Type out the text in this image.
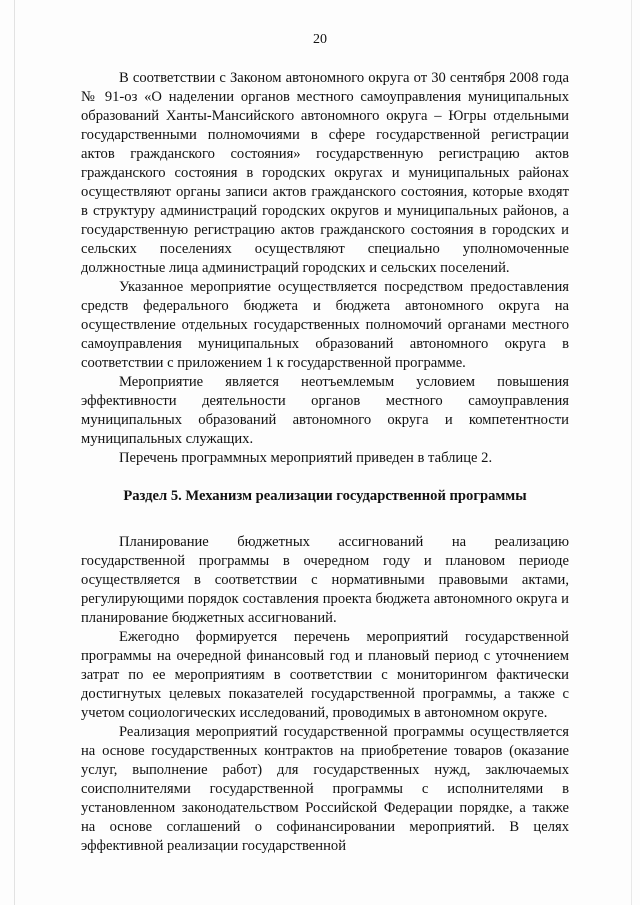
20

В соответствии с Законом автономного округа от 30 сентября 2008 года № 91-оз «О наделении органов местного самоуправления муниципальных образований Ханты-Мансийского автономного округа – Югры отдельными государственными полномочиями в сфере государственной регистрации актов гражданского состояния» государственную регистрацию актов гражданского состояния в городских округах и муниципальных районах осуществляют органы записи актов гражданского состояния, которые входят в структуру администраций городских округов и муниципальных районов, а государственную регистрацию актов гражданского состояния в городских и сельских поселениях осуществляют специально уполномоченные должностные лица администраций городских и сельских поселений.

Указанное мероприятие осуществляется посредством предоставления средств федерального бюджета и бюджета автономного округа на осуществление отдельных государственных полномочий органами местного самоуправления муниципальных образований автономного округа в соответствии с приложением 1 к государственной программе.

Мероприятие является неотъемлемым условием повышения эффективности деятельности органов местного самоуправления муниципальных образований автономного округа и компетентности муниципальных служащих.

Перечень программных мероприятий приведен в таблице 2.

Раздел 5. Механизм реализации государственной программы

Планирование бюджетных ассигнований на реализацию государственной программы в очередном году и плановом периоде осуществляется в соответствии с нормативными правовыми актами, регулирующими порядок составления проекта бюджета автономного округа и планирование бюджетных ассигнований.

Ежегодно формируется перечень мероприятий государственной программы на очередной финансовый год и плановый период с уточнением затрат по ее мероприятиям в соответствии с мониторингом фактически достигнутых целевых показателей государственной программы, а также с учетом социологических исследований, проводимых в автономном округе.

Реализация мероприятий государственной программы осуществляется на основе государственных контрактов на приобретение товаров (оказание услуг, выполнение работ) для государственных нужд, заключаемых соисполнителями государственной программы с исполнителями в установленном законодательством Российской Федерации порядке, а также на основе соглашений о софинансировании мероприятий. В целях эффективной реализации государственной
